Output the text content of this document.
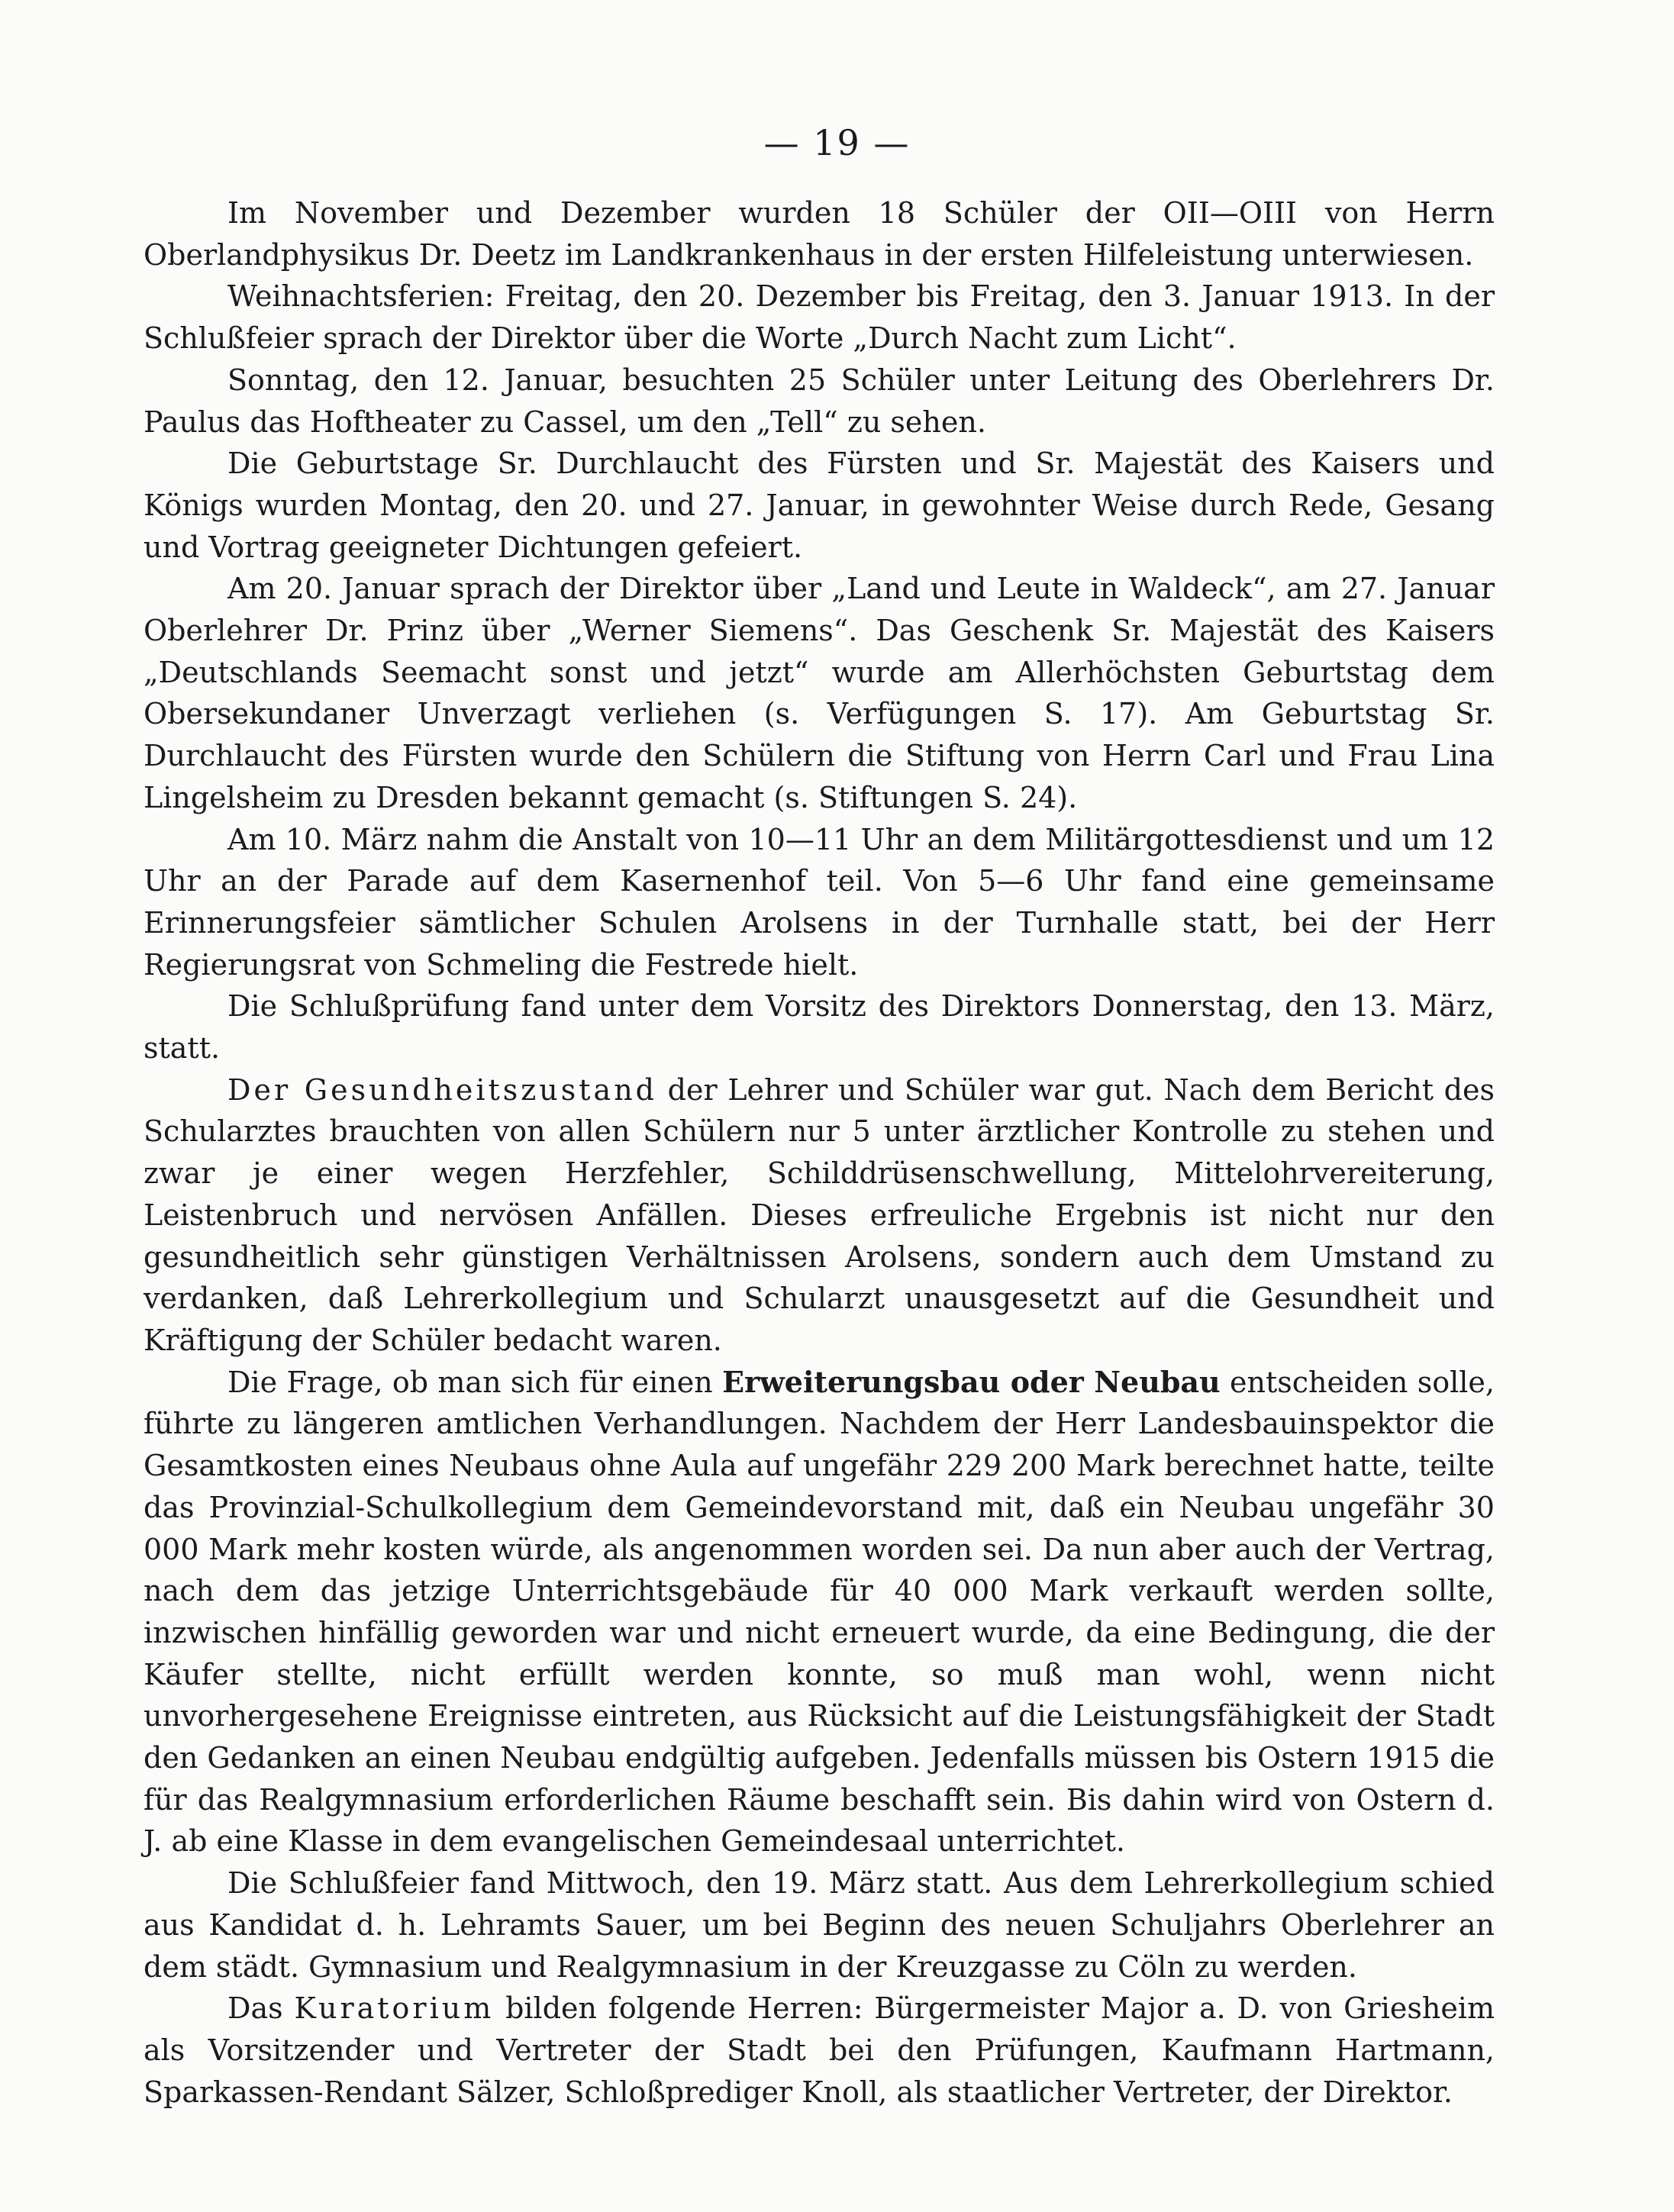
— 19 —

Im November und Dezember wurden 18 Schüler der OII—OIII von Herrn Oberlandphysikus Dr. Deetz im Landkrankenhaus in der ersten Hilfeleistung unterwiesen.

Weihnachtsferien: Freitag, den 20. Dezember bis Freitag, den 3. Januar 1913. In der Schlußfeier sprach der Direktor über die Worte „Durch Nacht zum Licht“.

Sonntag, den 12. Januar, besuchten 25 Schüler unter Leitung des Oberlehrers Dr. Paulus das Hoftheater zu Cassel, um den „Tell“ zu sehen.

Die Geburtstage Sr. Durchlaucht des Fürsten und Sr. Majestät des Kaisers und Königs wurden Montag, den 20. und 27. Januar, in gewohnter Weise durch Rede, Gesang und Vortrag geeigneter Dichtungen gefeiert.

Am 20. Januar sprach der Direktor über „Land und Leute in Waldeck“, am 27. Januar Oberlehrer Dr. Prinz über „Werner Siemens“. Das Geschenk Sr. Majestät des Kaisers „Deutschlands Seemacht sonst und jetzt“ wurde am Allerhöchsten Geburtstag dem Obersekundaner Unverzagt verliehen (s. Verfügungen S. 17). Am Geburtstag Sr. Durchlaucht des Fürsten wurde den Schülern die Stiftung von Herrn Carl und Frau Lina Lingelsheim zu Dresden bekannt gemacht (s. Stiftungen S. 24).

Am 10. März nahm die Anstalt von 10—11 Uhr an dem Militärgottesdienst und um 12 Uhr an der Parade auf dem Kasernenhof teil. Von 5—6 Uhr fand eine gemeinsame Erinnerungsfeier sämtlicher Schulen Arolsens in der Turnhalle statt, bei der Herr Regierungsrat von Schmeling die Festrede hielt.

Die Schlußprüfung fand unter dem Vorsitz des Direktors Donnerstag, den 13. März, statt.

Der Gesundheitszustand der Lehrer und Schüler war gut. Nach dem Bericht des Schularztes brauchten von allen Schülern nur 5 unter ärztlicher Kontrolle zu stehen und zwar je einer wegen Herzfehler, Schilddrüsenschwellung, Mittelohrvereiterung, Leistenbruch und nervösen Anfällen. Dieses erfreuliche Ergebnis ist nicht nur den gesundheitlich sehr günstigen Verhältnissen Arolsens, sondern auch dem Umstand zu verdanken, daß Lehrerkollegium und Schularzt unausgesetzt auf die Gesundheit und Kräftigung der Schüler bedacht waren.

Die Frage, ob man sich für einen Erweiterungsbau oder Neubau entscheiden solle, führte zu längeren amtlichen Verhandlungen. Nachdem der Herr Landesbauinspektor die Gesamtkosten eines Neubaus ohne Aula auf ungefähr 229 200 Mark berechnet hatte, teilte das Provinzial-Schulkollegium dem Gemeindevorstand mit, daß ein Neubau ungefähr 30 000 Mark mehr kosten würde, als angenommen worden sei. Da nun aber auch der Vertrag, nach dem das jetzige Unterrichtsgebäude für 40 000 Mark verkauft werden sollte, inzwischen hinfällig geworden war und nicht erneuert wurde, da eine Bedingung, die der Käufer stellte, nicht erfüllt werden konnte, so muß man wohl, wenn nicht unvorhergesehene Ereignisse eintreten, aus Rücksicht auf die Leistungsfähigkeit der Stadt den Gedanken an einen Neubau endgültig aufgeben. Jedenfalls müssen bis Ostern 1915 die für das Realgymnasium erforderlichen Räume beschafft sein. Bis dahin wird von Ostern d. J. ab eine Klasse in dem evangelischen Gemeindesaal unterrichtet.

Die Schlußfeier fand Mittwoch, den 19. März statt. Aus dem Lehrerkollegium schied aus Kandidat d. h. Lehramts Sauer, um bei Beginn des neuen Schuljahrs Oberlehrer an dem städt. Gymnasium und Realgymnasium in der Kreuzgasse zu Cöln zu werden.

Das Kuratorium bilden folgende Herren: Bürgermeister Major a. D. von Griesheim als Vorsitzender und Vertreter der Stadt bei den Prüfungen, Kaufmann Hartmann, Sparkassen-Rendant Sälzer, Schloßprediger Knoll, als staatlicher Vertreter, der Direktor.
